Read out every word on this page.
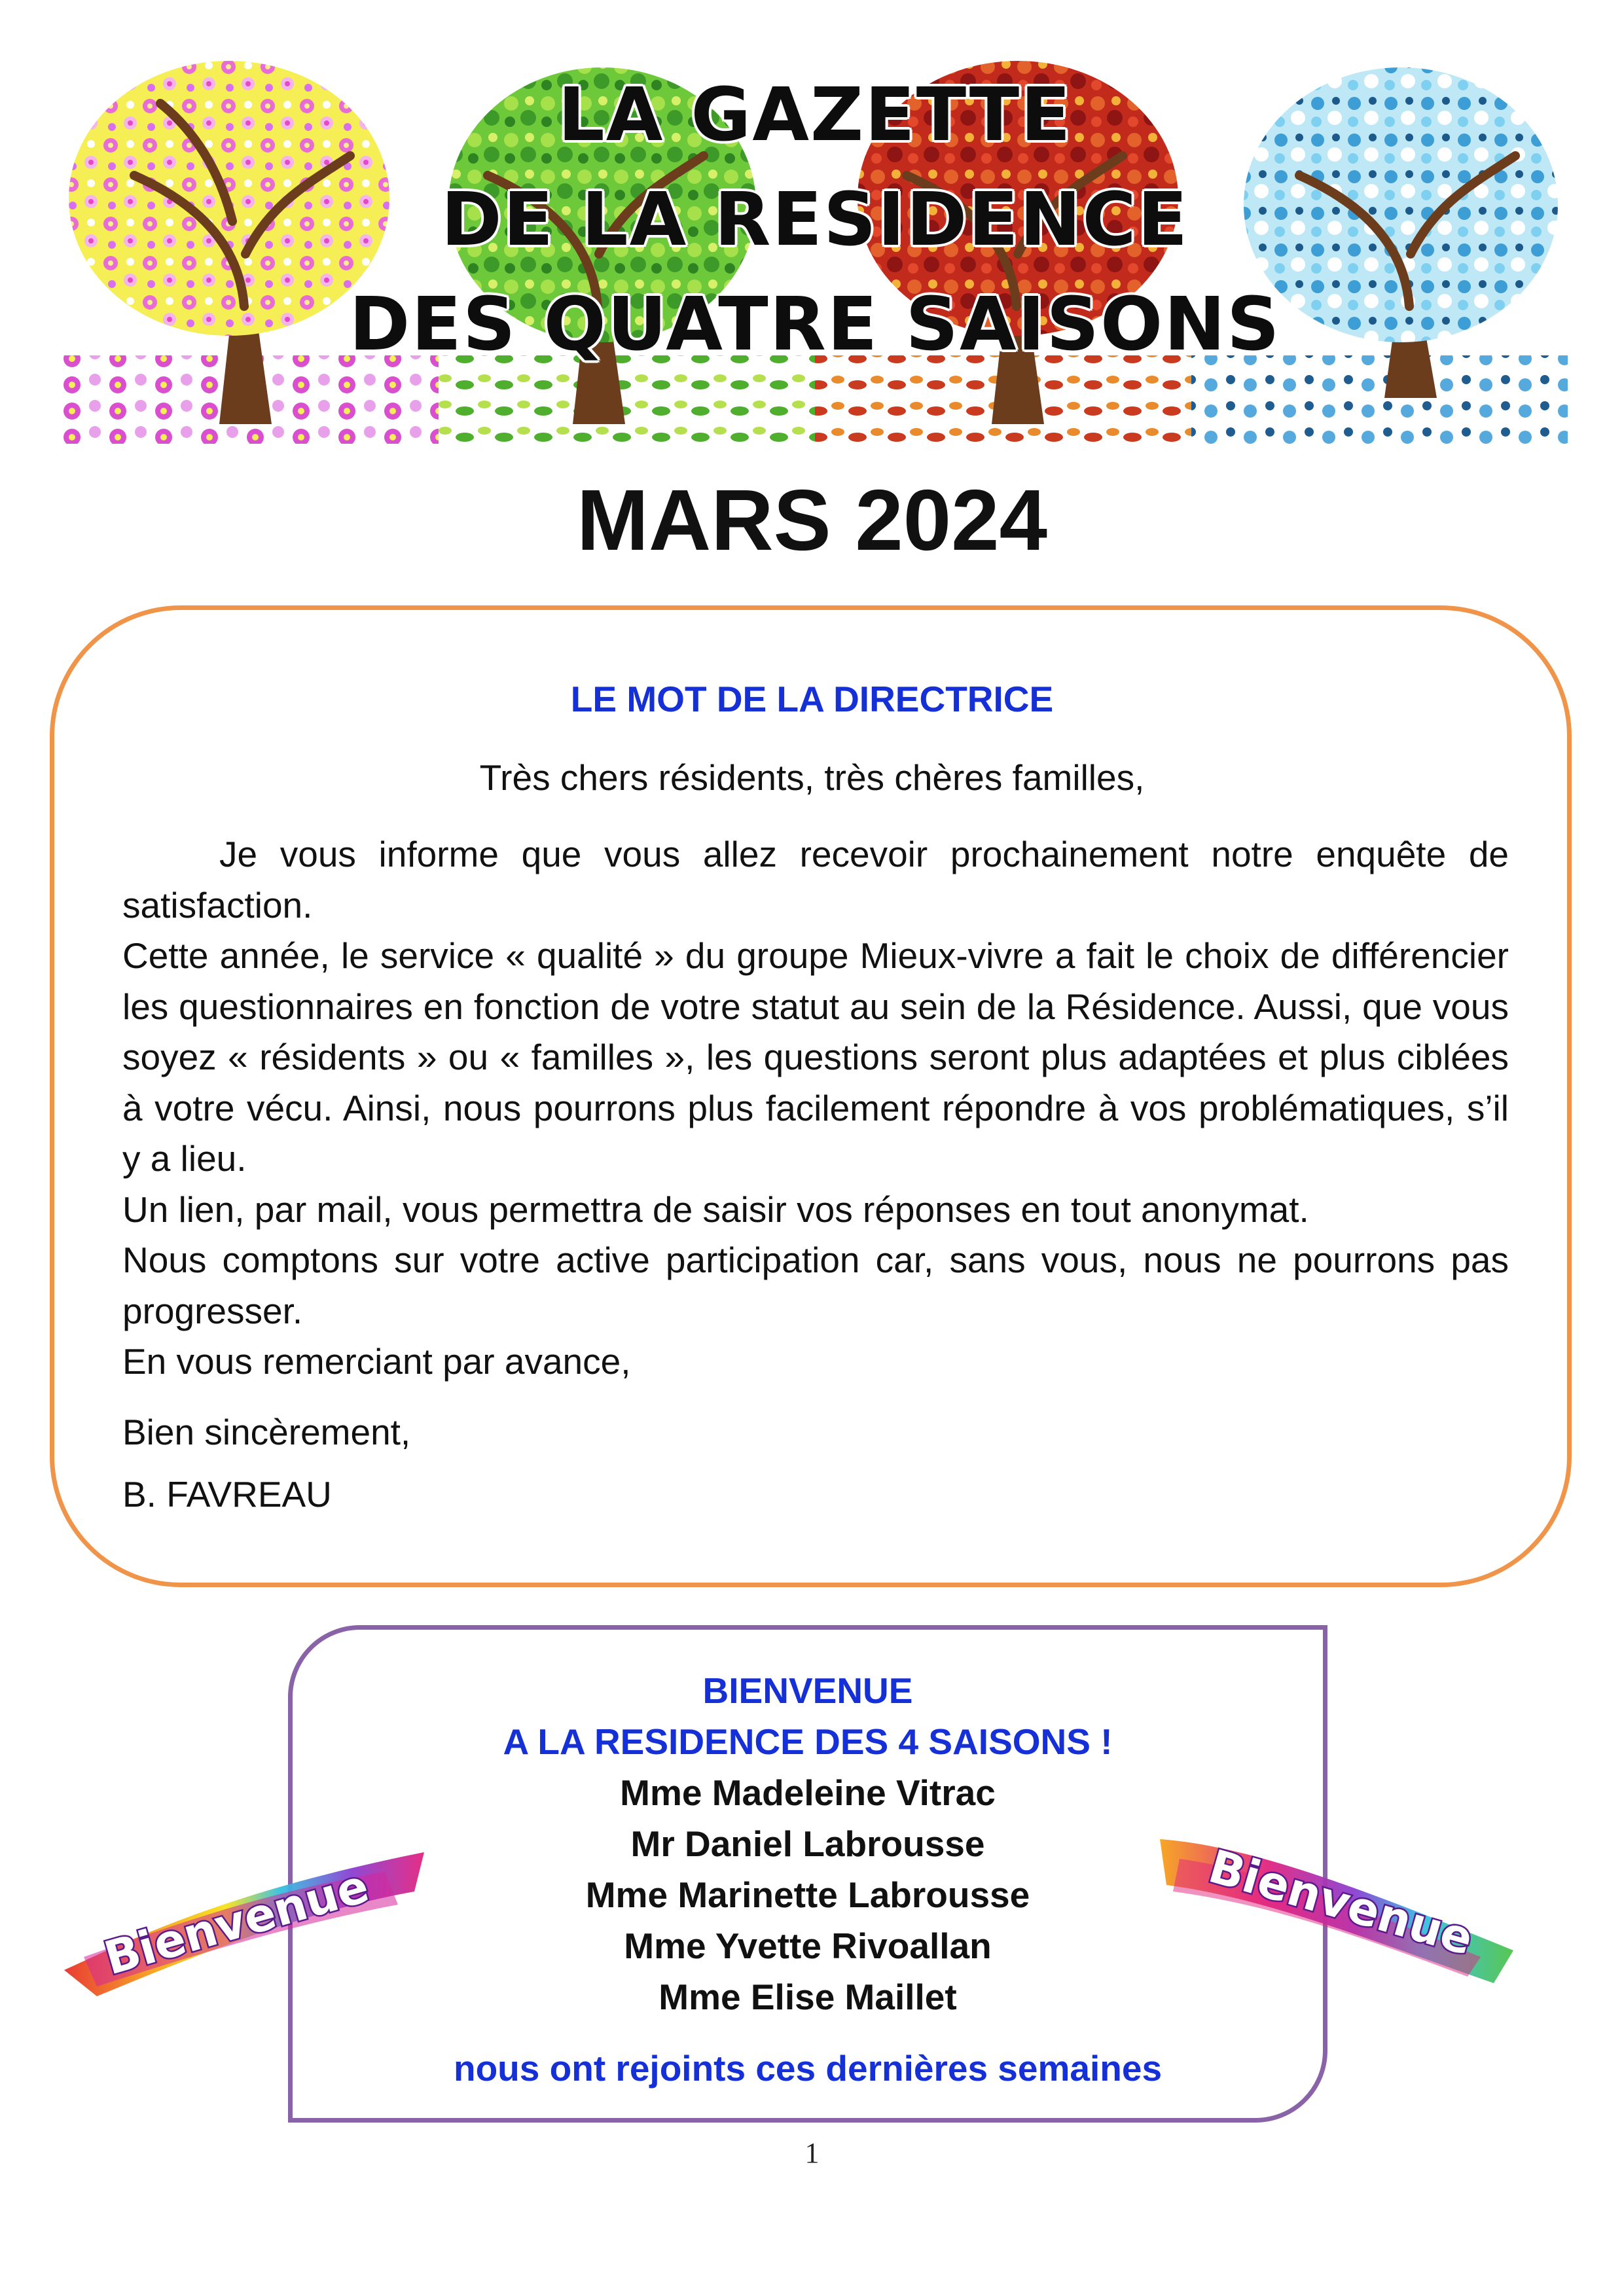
LA GAZETTE
DE LA RESIDENCE
DES QUATRE SAISONS
MARS 2024
LE MOT DE LA DIRECTRICE
Très chers résidents, très chères familles,

Je vous informe que vous allez recevoir prochainement notre enquête de satisfaction.

Cette année, le service « qualité » du groupe Mieux-vivre a fait le choix de différencier les questionnaires en fonction de votre statut au sein de la Résidence. Aussi, que vous soyez « résidents » ou « familles », les questions seront plus adaptées et plus ciblées à votre vécu. Ainsi, nous pourrons plus facilement répondre à vos problématiques, s’il y a lieu.

Un lien, par mail, vous permettra de saisir vos réponses en tout anonymat.

Nous comptons sur votre active participation car, sans vous, nous ne pourrons pas progresser.

En vous remerciant par avance,

Bien sincèrement,
B. FAVREAU
BIENVENUE
A LA RESIDENCE DES 4 SAISONS !
Mme Madeleine Vitrac
Mr Daniel Labrousse
Mme Marinette Labrousse
Mme Yvette Rivoallan
Mme Elise Maillet
nous ont rejoints ces dernières semaines
Bienvenue	Bienvenue
1
